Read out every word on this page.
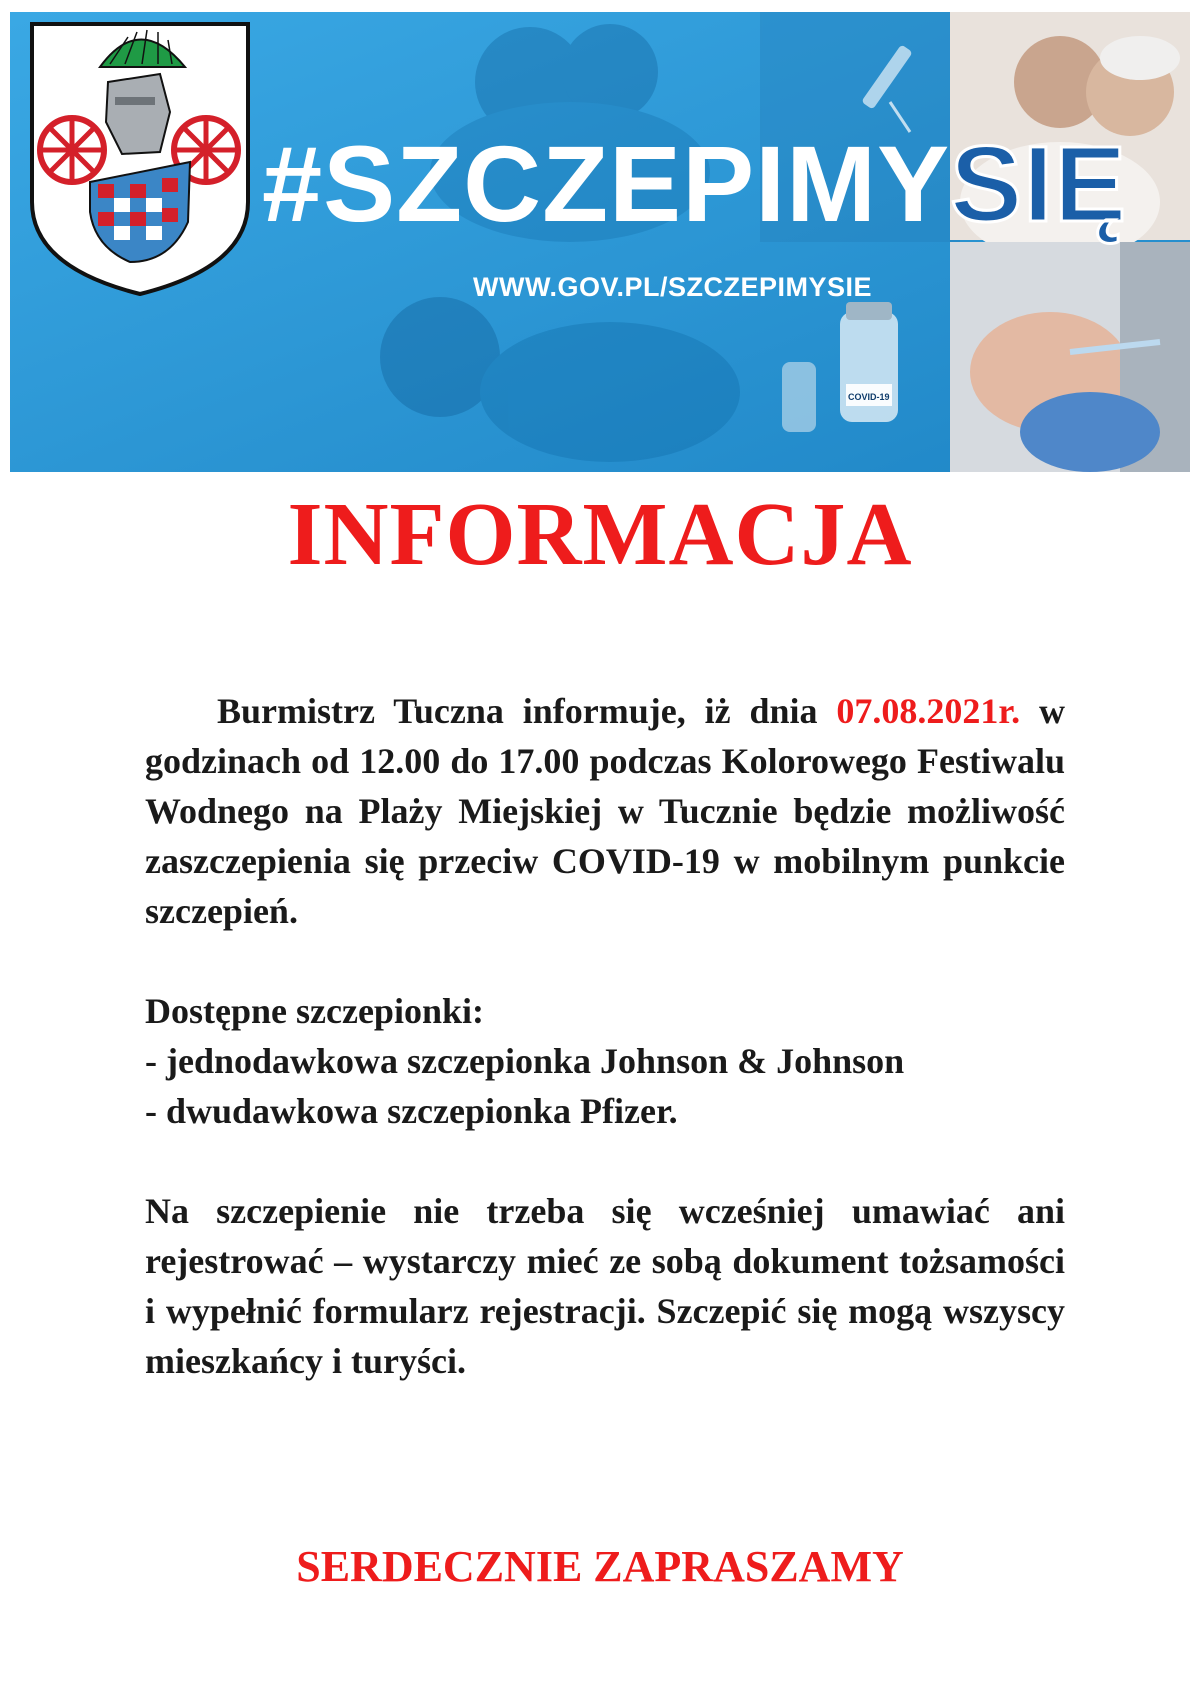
#SZCZEPIMYSIĘ
WWW.GOV.PL/SZCZEPIMYSIE
COVID-19
INFORMACJA

Burmistrz Tuczna informuje, iż dnia 07.08.2021r. w godzinach od 12.00 do 17.00 podczas Kolorowego Festiwalu Wodnego na Plaży Miejskiej w Tucznie będzie możliwość zaszczepienia się przeciw COVID-19 w mobilnym punkcie szczepień.

Dostępne szczepionki:

- jednodawkowa szczepionka Johnson & Johnson

- dwudawkowa szczepionka Pfizer.

Na szczepienie nie trzeba się wcześniej umawiać ani rejestrować – wystarczy mieć ze sobą dokument tożsamości i wypełnić formularz rejestracji. Szczepić się mogą wszyscy mieszkańcy i turyści.

SERDECZNIE ZAPRASZAMY
